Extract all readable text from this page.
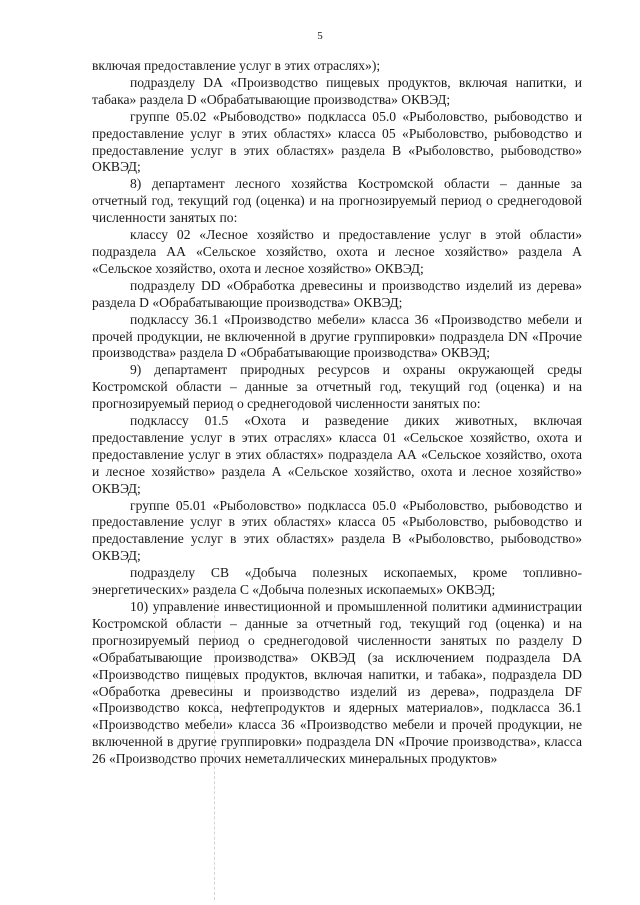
5

включая предоставление услуг в этих отраслях»);

подразделу DA «Производство пищевых продуктов, включая напитки, и табака» раздела D «Обрабатывающие производства» ОКВЭД;

группе 05.02 «Рыбоводство» подкласса 05.0 «Рыболовство, рыбоводство и предоставление услуг в этих областях» класса 05 «Рыболовство, рыбоводство и предоставление услуг в этих областях» раздела В «Рыболовство, рыбоводство» ОКВЭД;

8) департамент лесного хозяйства Костромской области – данные за отчетный год, текущий год (оценка) и на прогнозируемый период о среднегодовой численности занятых по:

классу 02 «Лесное хозяйство и предоставление услуг в этой области» подраздела АА «Сельское хозяйство, охота и лесное хозяйство» раздела А «Сельское хозяйство, охота и лесное хозяйство» ОКВЭД;

подразделу DD «Обработка древесины и производство изделий из дерева» раздела D «Обрабатывающие производства» ОКВЭД;

подклассу 36.1 «Производство мебели» класса 36 «Производство мебели и прочей продукции, не включенной в другие группировки» подраздела DN «Прочие производства» раздела D «Обрабатывающие производства» ОКВЭД;

9) департамент природных ресурсов и охраны окружающей среды Костромской области – данные за отчетный год, текущий год (оценка) и на прогнозируемый период о среднегодовой численности занятых по:

подклассу 01.5 «Охота и разведение диких животных, включая предоставление услуг в этих отраслях» класса 01 «Сельское хозяйство, охота и предоставление услуг в этих областях» подраздела АА «Сельское хозяйство, охота и лесное хозяйство» раздела А «Сельское хозяйство, охота и лесное хозяйство» ОКВЭД;

группе 05.01 «Рыболовство» подкласса 05.0 «Рыболовство, рыбоводство и предоставление услуг в этих областях» класса 05 «Рыболовство, рыбоводство и предоставление услуг в этих областях» раздела В «Рыболовство, рыбоводство» ОКВЭД;

подразделу СВ «Добыча полезных ископаемых, кроме топливно-энергетических» раздела С «Добыча полезных ископаемых» ОКВЭД;

10) управление инвестиционной и промышленной политики администрации Костромской области – данные за отчетный год, текущий год (оценка) и на прогнозируемый период о среднегодовой численности занятых по разделу D «Обрабатывающие производства» ОКВЭД (за исключением подраздела DA «Производство пищевых продуктов, включая напитки, и табака», подраздела DD «Обработка древесины и производство изделий из дерева», подраздела DF «Производство кокса, нефтепродуктов и ядерных материалов», подкласса 36.1 «Производство мебели» класса 36 «Производство мебели и прочей продукции, не включенной в другие группировки» подраздела DN «Прочие производства», класса 26 «Производство прочих неметаллических минеральных продуктов»
